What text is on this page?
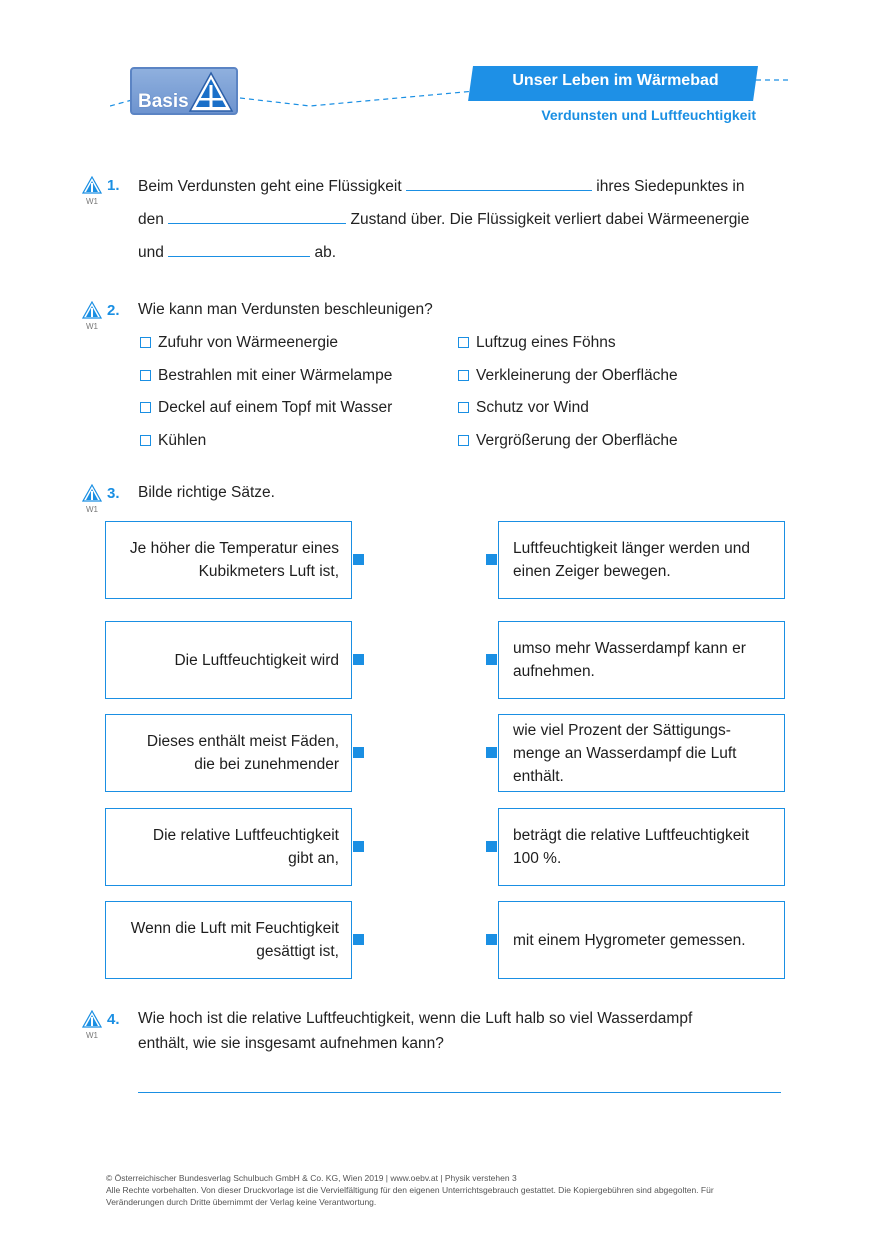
Basis
Unser Leben im Wärmebad
Verdunsten und Luftfeuchtigkeit
W1
1. Beim Verdunsten geht eine Flüssigkeit	ihres Siedepunktes in
den	Zustand über. Die Flüssigkeit verliert dabei Wärmeenergie
und	ab.
W1
2. Wie kann man Verdunsten beschleunigen?
Zufuhr von Wärmeenergie
Bestrahlen mit einer Wärmelampe
Deckel auf einem Topf mit Wasser
Kühlen
Luftzug eines Föhns
Verkleinerung der Oberfläche
Schutz vor Wind
Vergrößerung der Oberfläche
W1
3. Bilde richtige Sätze.
Je höher die Temperatur eines
Kubikmeters Luft ist,
Die Luftfeuchtigkeit wird
Dieses enthält meist Fäden,
die bei zunehmender
Die relative Luftfeuchtigkeit
gibt an,
Wenn die Luft mit Feuchtigkeit
gesättigt ist,
Luftfeuchtigkeit länger werden und
einen Zeiger bewegen.
umso mehr Wasserdampf kann er
aufnehmen.
wie viel Prozent der Sättigungs-
menge an Wasserdampf die Luft
enthält.
beträgt die relative Luftfeuchtigkeit
100 %.
mit einem Hygrometer gemessen.
W1
4. Wie hoch ist die relative Luftfeuchtigkeit, wenn die Luft halb so viel Wasserdampf
enthält, wie sie insgesamt aufnehmen kann?
© Österreichischer Bundesverlag Schulbuch GmbH & Co. KG, Wien 2019 | www.oebv.at | Physik verstehen 3
Alle Rechte vorbehalten. Von dieser Druckvorlage ist die Vervielfältigung für den eigenen Unterrichtsgebrauch gestattet. Die Kopiergebühren sind abgegolten. Für
Veränderungen durch Dritte übernimmt der Verlag keine Verantwortung.
